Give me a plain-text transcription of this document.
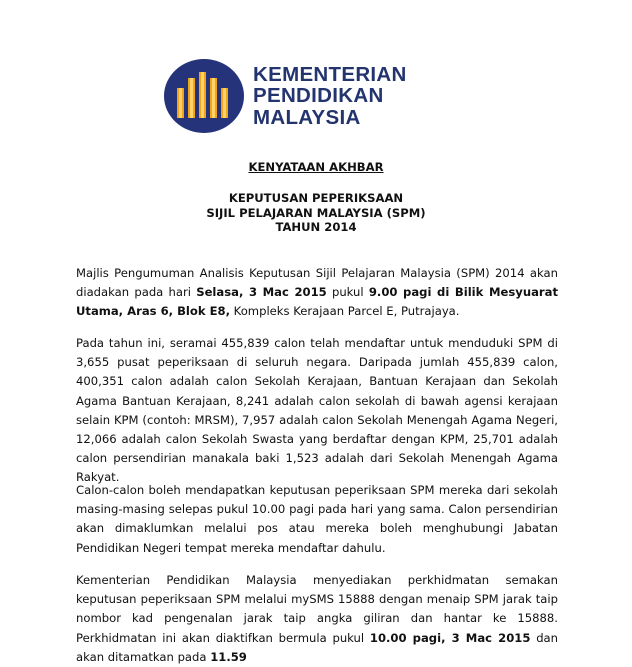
KEMENTERIAN
PENDIDIKAN
MALAYSIA
KENYATAAN AKHBAR
KEPUTUSAN PEPERIKSAAN
SIJIL PELAJARAN MALAYSIA (SPM)
TAHUN 2014

Majlis Pengumuman Analisis Keputusan Sijil Pelajaran Malaysia (SPM) 2014 akan diadakan pada hari Selasa, 3 Mac 2015 pukul 9.00 pagi di Bilik Mesyuarat Utama, Aras 6, Blok E8, Kompleks Kerajaan Parcel E, Putrajaya.

Pada tahun ini, seramai 455,839 calon telah mendaftar untuk menduduki SPM di 3,655 pusat peperiksaan di seluruh negara. Daripada jumlah 455,839 calon, 400,351 calon adalah calon Sekolah Kerajaan, Bantuan Kerajaan dan Sekolah Agama Bantuan Kerajaan, 8,241 adalah calon sekolah di bawah agensi kerajaan selain KPM (contoh: MRSM), 7,957 adalah calon Sekolah Menengah Agama Negeri, 12,066 adalah calon Sekolah Swasta yang berdaftar dengan KPM, 25,701 adalah calon persendirian manakala baki 1,523 adalah dari Sekolah Menengah Agama Rakyat.

Calon-calon boleh mendapatkan keputusan peperiksaan SPM mereka dari sekolah masing-masing selepas pukul 10.00 pagi pada hari yang sama. Calon persendirian akan dimaklumkan melalui pos atau mereka boleh menghubungi Jabatan Pendidikan Negeri tempat mereka mendaftar dahulu.

Kementerian Pendidikan Malaysia menyediakan perkhidmatan semakan keputusan peperiksaan SPM melalui mySMS 15888 dengan menaip SPM jarak taip nombor kad pengenalan jarak taip angka giliran dan hantar ke 15888. Perkhidmatan ini akan diaktifkan bermula pukul 10.00 pagi, 3 Mac 2015 dan akan ditamatkan pada 11.59
